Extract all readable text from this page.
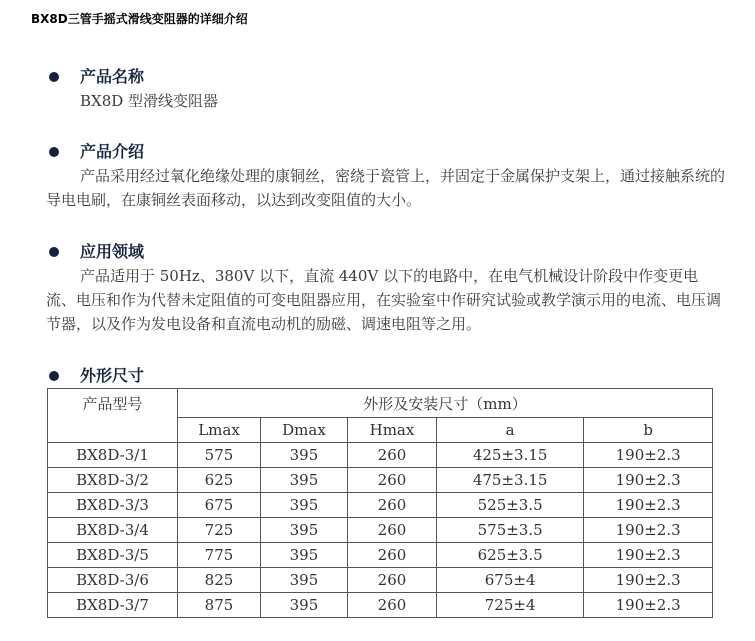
BX8D三管手摇式滑线变阻器的详细介绍
产品名称

BX8D 型滑线变阻器

产品介绍

产品采用经过氧化绝缘处理的康铜丝，密绕于瓷管上，并固定于金属保护支架上，通过接触系统的导电电刷，在康铜丝表面移动，以达到改变阻值的大小。

应用领域

产品适用于 50Hz、380V 以下，直流 440V 以下的电路中，在电气机械设计阶段中作变更电流、电压和作为代替未定阻值的可变电阻器应用，在实验室中作研究试验或教学演示用的电流、电压调节器，以及作为发电设备和直流电动机的励磁、调速电阻等之用。

外形尺寸
产品型号	外形及安装尺寸（mm）				
	Lmax	Dmax	Hmax	a	b
BX8D-3/1	575	395	260	425±3.15	190±2.3
BX8D-3/2	625	395	260	475±3.15	190±2.3
BX8D-3/3	675	395	260	525±3.5	190±2.3
BX8D-3/4	725	395	260	575±3.5	190±2.3
BX8D-3/5	775	395	260	625±3.5	190±2.3
BX8D-3/6	825	395	260	675±4	190±2.3
BX8D-3/7	875	395	260	725±4	190±2.3
